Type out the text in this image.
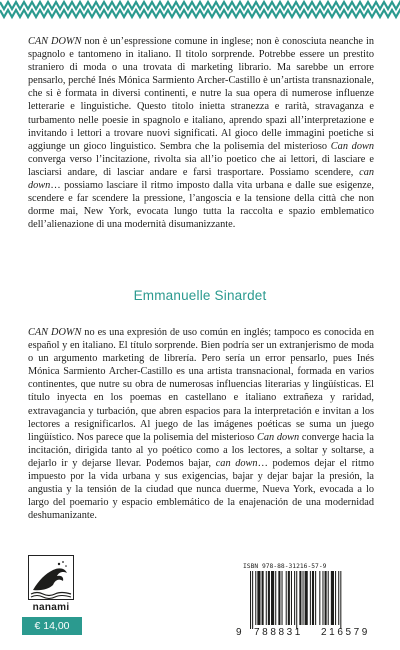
CAN DOWN non è un’espressione comune in inglese; non è conosciuta neanche in spagnolo e tantomeno in italiano. Il titolo sorprende. Potrebbe essere un prestito straniero di moda o una trovata di marketing librario. Ma sarebbe un errore pensarlo, perché Inés Mónica Sarmiento Archer-Castillo è un’artista transnazionale, che si è formata in diversi continenti, e nutre la sua opera di numerose influenze letterarie e linguistiche. Questo titolo inietta stranezza e rarità, stravaganza e turbamento nelle poesie in spagnolo e italiano, aprendo spazi all’interpretazione e invitando i lettori a trovare nuovi significati. Al gioco delle immagini poetiche si aggiunge un gioco linguistico. Sembra che la polisemia del misterioso Can down converga verso l’incitazione, rivolta sia all’io poetico che ai lettori, di lasciare e lasciarsi andare, di lasciar andare e farsi trasportare. Possiamo scendere, can down… possiamo lasciare il ritmo imposto dalla vita urbana e dalle sue esigenze, scendere e far scendere la pressione, l’angoscia e la tensione della città che non dorme mai, New York, evocata lungo tutta la raccolta e spazio emblematico dell’alienazione di una modernità disumanizzante.

Emmanuelle Sinardet

CAN DOWN no es una expresión de uso común en inglés; tampoco es conocida en español y en italiano. El título sorprende. Bien podría ser un extranjerismo de moda o un argumento marketing de librería. Pero sería un error pensarlo, pues Inés Mónica Sarmiento Archer-Castillo es una artista transnacional, formada en varios continentes, que nutre su obra de numerosas influencias literarias y lingüísticas. El título inyecta en los poemas en castellano e italiano extrañeza y raridad, extravagancia y turbación, que abren espacios para la interpretación e invitan a los lectores a resignificarlos. Al juego de las imágenes poéticas se suma un juego lingüístico. Nos parece que la polisemia del misterioso Can down converge hacia la incitación, dirigida tanto al yo poético como a los lectores, a soltar y soltarse, a dejarlo ir y dejarse llevar. Podemos bajar, can down… podemos dejar el ritmo impuesto por la vida urbana y sus exigencias, bajar y dejar bajar la presión, la angustia y la tensión de la ciudad que nunca duerme, Nueva York, evocada a lo largo del poemario y espacio emblemático de la enajenación de una modernidad deshumanizante.

nanami

€ 14,00

ISBN 978-88-31216-57-9

9 788831 216579
